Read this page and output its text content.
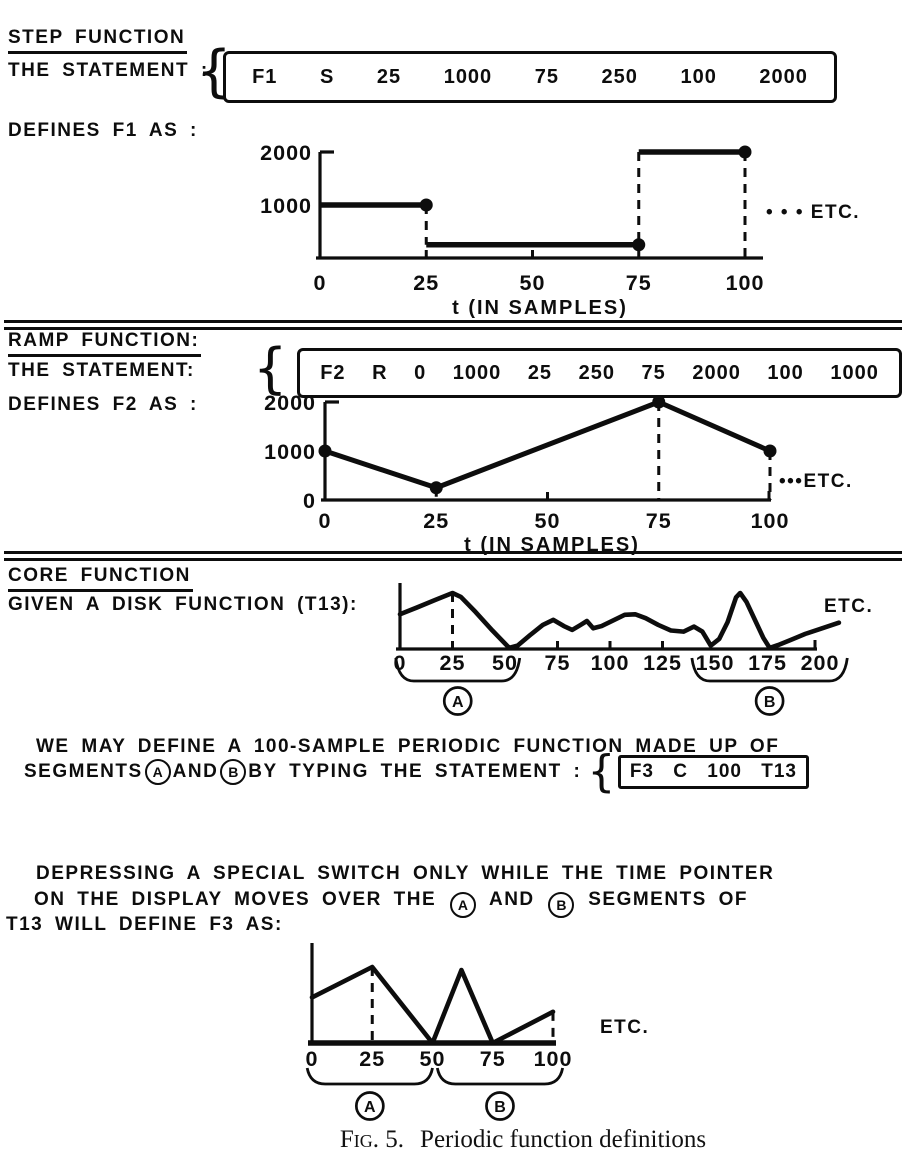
STEP FUNCTION
THE STATEMENT :
{	F1 S 25 1000 75 250 100 2000
DEFINES F1 AS :
0	25	50	75	100
1000
2000
t (IN SAMPLES)
• • • ETC.
RAMP FUNCTION:
THE STATEMENT: {	F2 R 0 1000 25 250 75 2000 100 1000
DEFINES F2 AS :
0	25	50	75	100
0
1000
2000
t (IN SAMPLES)
•••ETC.
CORE FUNCTION
GIVEN A DISK FUNCTION (T13):
A	B
0 25 50 75 100 125 150 175 200
ETC.
WE MAY DEFINE A 100-SAMPLE PERIODIC FUNCTION MADE UP OF
SEGMENTS A AND B BY TYPING THE STATEMENT : { F3 C 100 T13
DEPRESSING A SPECIAL SWITCH ONLY WHILE THE TIME POINTER
ON THE DISPLAY MOVES OVER THE A AND B SEGMENTS OF
T13 WILL DEFINE F3 AS:
A	B
0 25 50 75 100
ETC.
Fig. 5. Periodic function definitions
